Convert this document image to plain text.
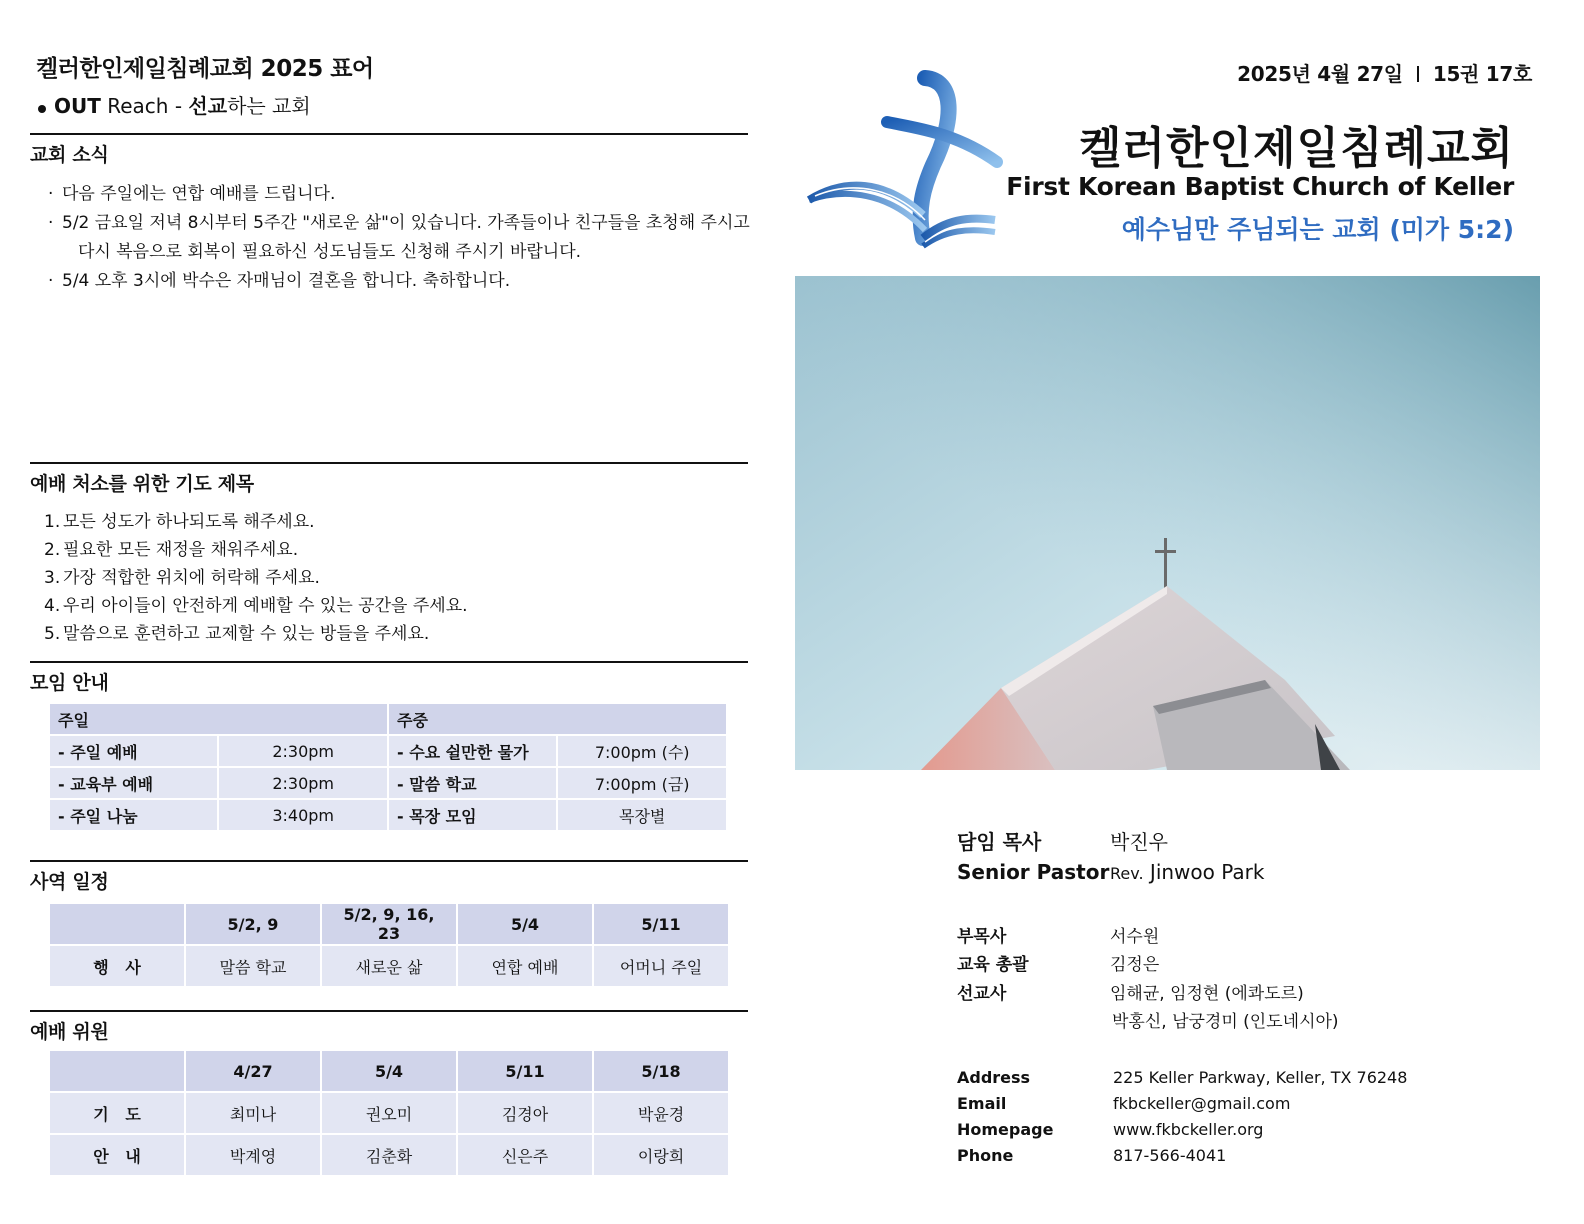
켈러한인제일침례교회 2025 표어
OUT Reach - 선교하는 교회
교회 소식
· 다음 주일에는 연합 예배를 드립니다.
· 5/2 금요일 저녁 8시부터 5주간 "새로운 삶"이 있습니다. 가족들이나 친구들을 초청해 주시고
다시 복음으로 회복이 필요하신 성도님들도 신청해 주시기 바랍니다.
· 5/4 오후 3시에 박수은 자매님이 결혼을 합니다. 축하합니다.
예배 처소를 위한 기도 제목
1. 모든 성도가 하나되도록 해주세요.
2. 필요한 모든 재정을 채워주세요.
3. 가장 적합한 위치에 허락해 주세요.
4. 우리 아이들이 안전하게 예배할 수 있는 공간을 주세요.
5. 말씀으로 훈련하고 교제할 수 있는 방들을 주세요.
모임 안내
주일		주중	
- 주일 예배	2:30pm	- 수요 쉴만한 물가	7:00pm (수)
- 교육부 예배	2:30pm	- 말씀 학교	7:00pm (금)
- 주일 나눔	3:40pm	- 목장 모임	목장별
사역 일정
	5/2, 9	5/2, 9, 16, 23	5/4	5/11
행   사	말씀 학교	새로운 삶	연합 예배	어머니 주일
예배 위원
	4/27	5/4	5/11	5/18
기   도	최미나	권오미	김경아	박윤경
안   내	박계영	김춘화	신은주	이랑희
2025년 4월 27일 15권 17호
켈러한인제일침례교회
First Korean Baptist Church of Keller
예수님만 주님되는 교회 (미가 5:2)
담임 목사	박진우
Senior Pastor Rev. Jinwoo Park
부목사	서수원
교육 총괄	김정은
선교사	임해균, 임정현 (에콰도르)
박홍신, 남궁경미 (인도네시아)
Address	225 Keller Parkway, Keller, TX 76248
Email	fkbckeller@gmail.com
Homepage	www.fkbckeller.org
Phone	817-566-4041
